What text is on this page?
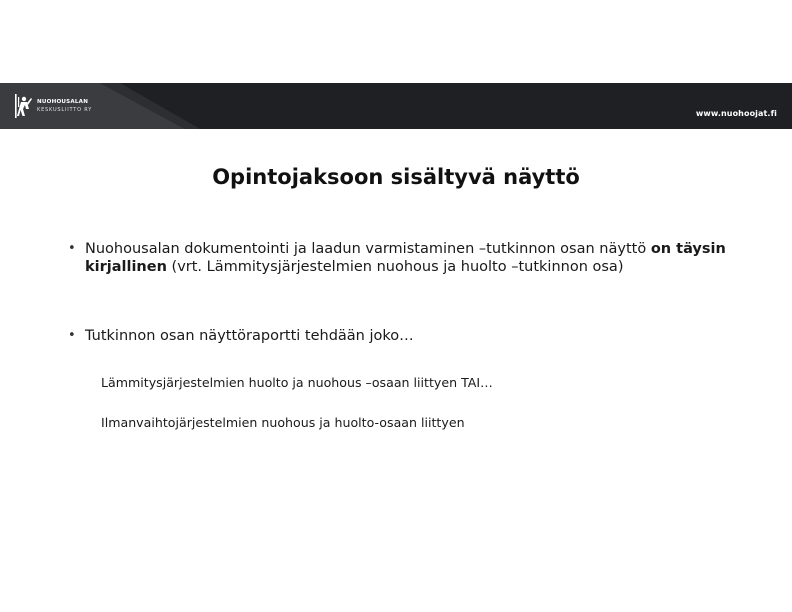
NUOHOUSALAN
KESKUSLIITTO RY	www.nuohoojat.fi
Opintojaksoon sisältyvä näyttö
• Nuohousalan dokumentointi ja laadun varmistaminen –tutkinnon osan näyttö on täysin kirjallinen (vrt. Lämmitysjärjestelmien nuohous ja huolto –tutkinnon osa)
• Tutkinnon osan näyttöraportti tehdään joko…
Lämmitysjärjestelmien huolto ja nuohous –osaan liittyen TAI…
Ilmanvaihtojärjestelmien nuohous ja huolto-osaan liittyen
